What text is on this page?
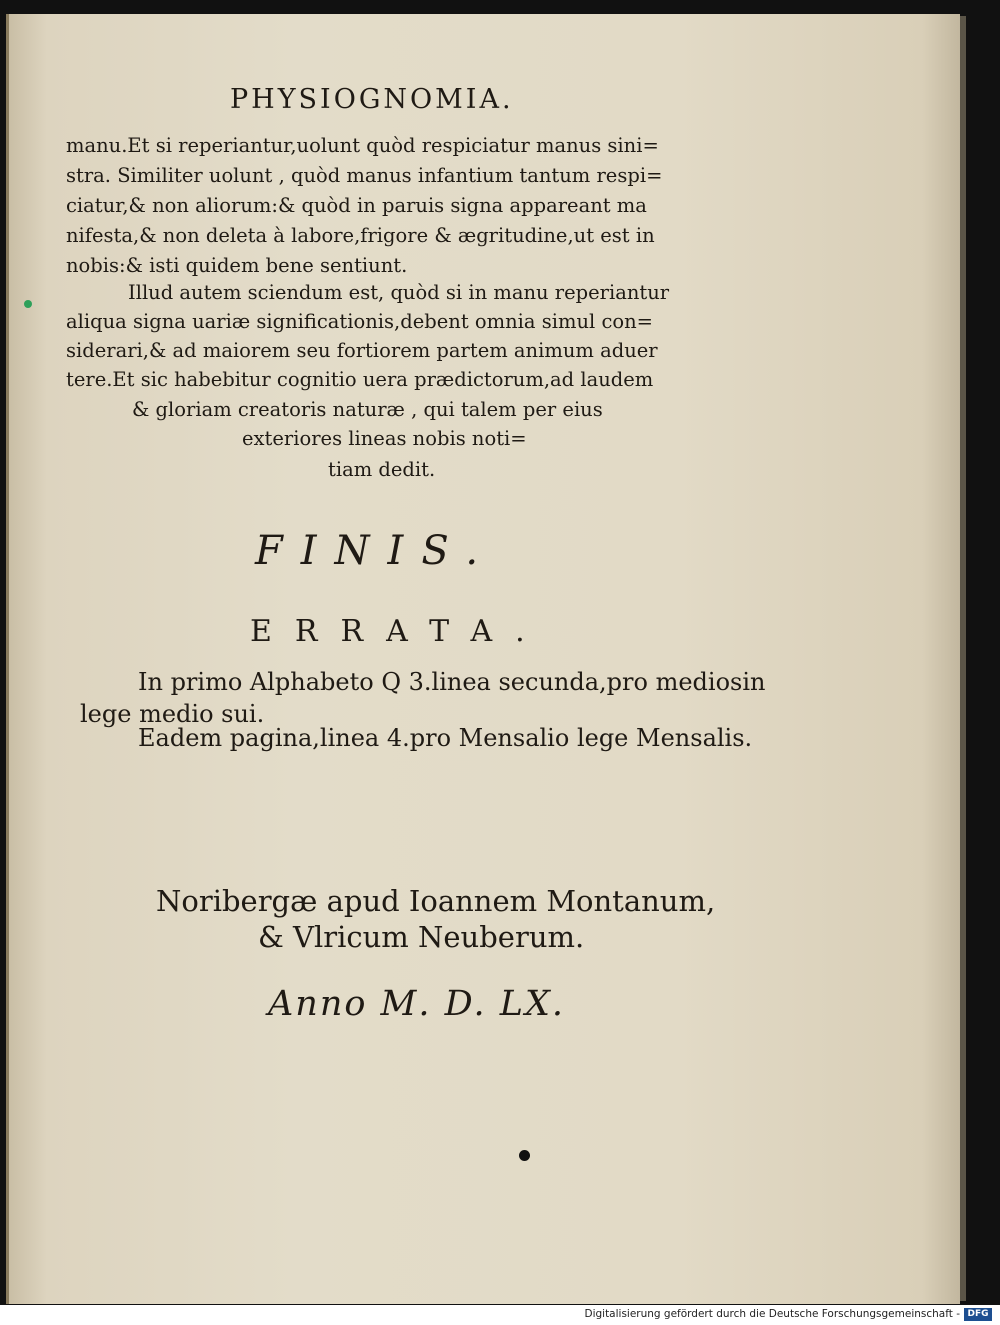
PHYSIOGNOMIA.
manu.Et si reperiantur,uolunt quòd respiciatur manus sini=
stra. Similiter uolunt , quòd manus infantium tantum respi=
ciatur,& non aliorum:& quòd in paruis signa appareant ma
nifesta,& non deleta à labore,frigore & ægritudine,ut est in
nobis:& isti quidem bene sentiunt.
Illud autem sciendum est, quòd si in manu reperiantur
aliqua signa uariæ significationis,debent omnia simul con=
siderari,& ad maiorem seu fortiorem partem animum aduer
tere.Et sic habebitur cognitio uera prædictorum,ad laudem
& gloriam creatoris naturæ , qui talem per eius
exteriores lineas nobis noti=
tiam dedit.
FINIS.
ERRATA.
In primo Alphabeto Q 3.linea secunda,pro mediosin
lege medio sui.
Eadem pagina,linea 4.pro Mensalio lege Mensalis.
Noribergæ apud Ioannem Montanum,
& Vlricum Neuberum.
Anno M. D. LX.
Digitalisierung gefördert durch die Deutsche Forschungsgemeinschaft - DFG
